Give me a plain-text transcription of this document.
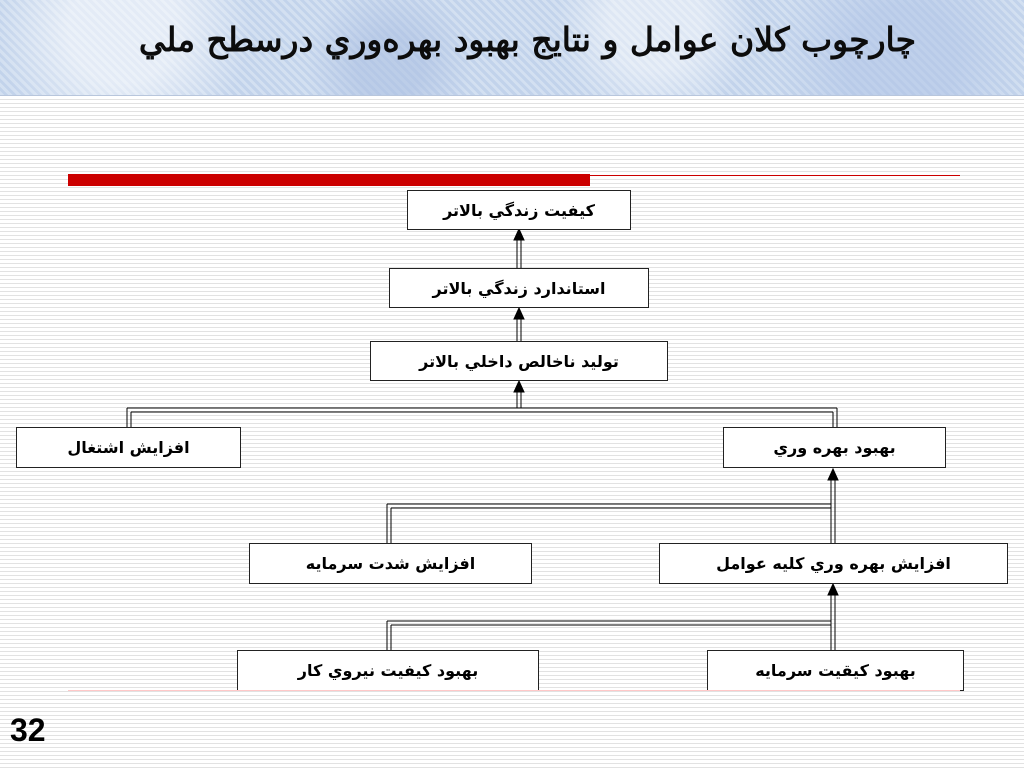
چارچوب کلان عوامل و نتايج بهبود بهره‌وري درسطح ملي
كيفيت زندگي بالاتر
استاندارد زندگي بالاتر
توليد ناخالص داخلي بالاتر
افزايش اشتغال	بهبود بهره وري
افزايش شدت سرمايه	افزايش بهره وري كليه عوامل
بهبود كيفيت نيروي كار	بهبود كيقيت سرمايه
32
